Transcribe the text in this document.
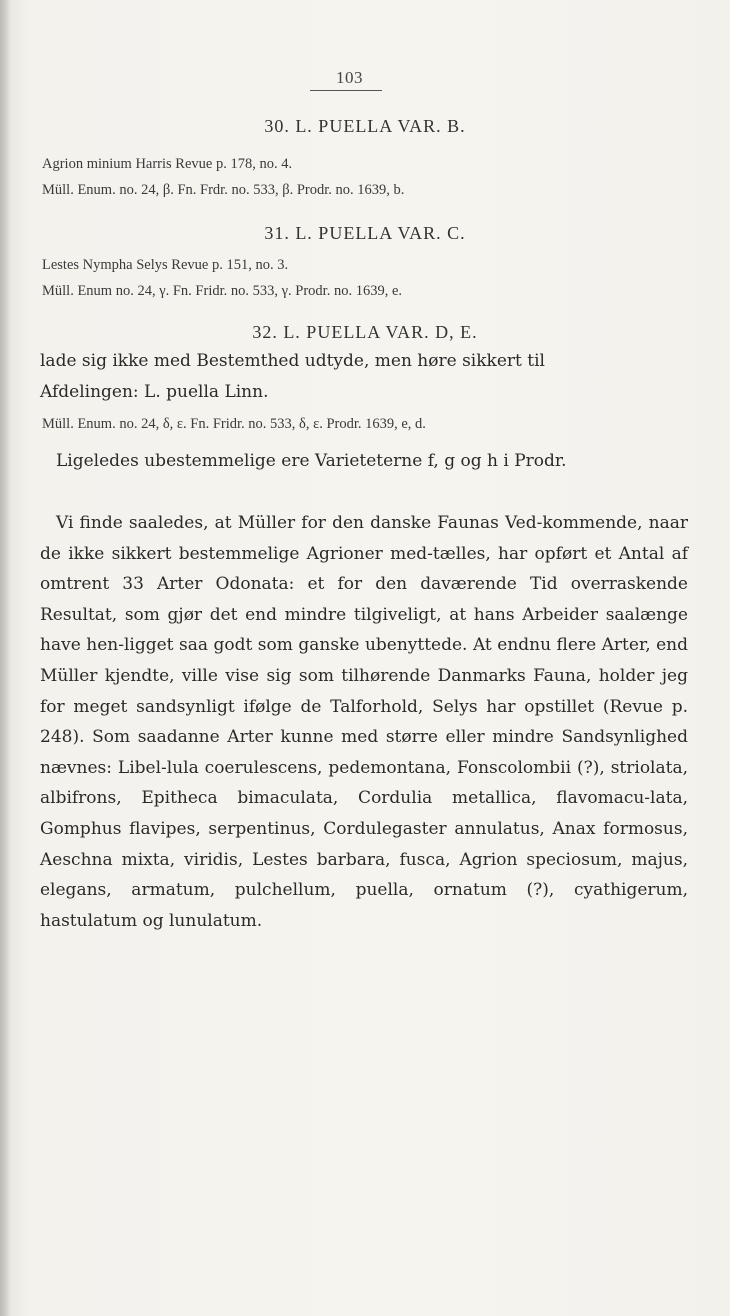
103
30. L. PUELLA VAR. B.
Agrion minium Harris Revue p. 178, no. 4.
Müll. Enum. no. 24, β. Fn. Frdr. no. 533, β. Prodr. no. 1639, b.
31. L. PUELLA VAR. C.
Lestes Nympha Selys Revue p. 151, no. 3.
Müll. Enum no. 24, γ. Fn. Fridr. no. 533, γ. Prodr. no. 1639, e.
32. L. PUELLA VAR. D, E.

lade sig ikke med Bestemthed udtyde, men høre sikkert til

Afdelingen: L. puella Linn.

Müll. Enum. no. 24, δ, ε. Fn. Fridr. no. 533, δ, ε. Prodr. 1639, e, d.

Ligeledes ubestemmelige ere Varieteterne f, g og h i Prodr.

Vi finde saaledes, at Müller for den danske Faunas Ved-kommende, naar de ikke sikkert bestemmelige Agrioner med-tælles, har opført et Antal af omtrent 33 Arter Odonata: et for den daværende Tid overraskende Resultat, som gjør det end mindre tilgiveligt, at hans Arbeider saalænge have hen-ligget saa godt som ganske ubenyttede. At endnu flere Arter, end Müller kjendte, ville vise sig som tilhørende Danmarks Fauna, holder jeg for meget sandsynligt ifølge de Talforhold, Selys har opstillet (Revue p. 248). Som saadanne Arter kunne med større eller mindre Sandsynlighed nævnes: Libel-lula coerulescens, pedemontana, Fonscolombii (?), striolata, albifrons, Epitheca bimaculata, Cordulia metallica, flavomacu-lata, Gomphus flavipes, serpentinus, Cordulegaster annulatus, Anax formosus, Aeschna mixta, viridis, Lestes barbara, fusca, Agrion speciosum, majus, elegans, armatum, pulchellum, puella, ornatum (?), cyathigerum, hastulatum og lunulatum.
